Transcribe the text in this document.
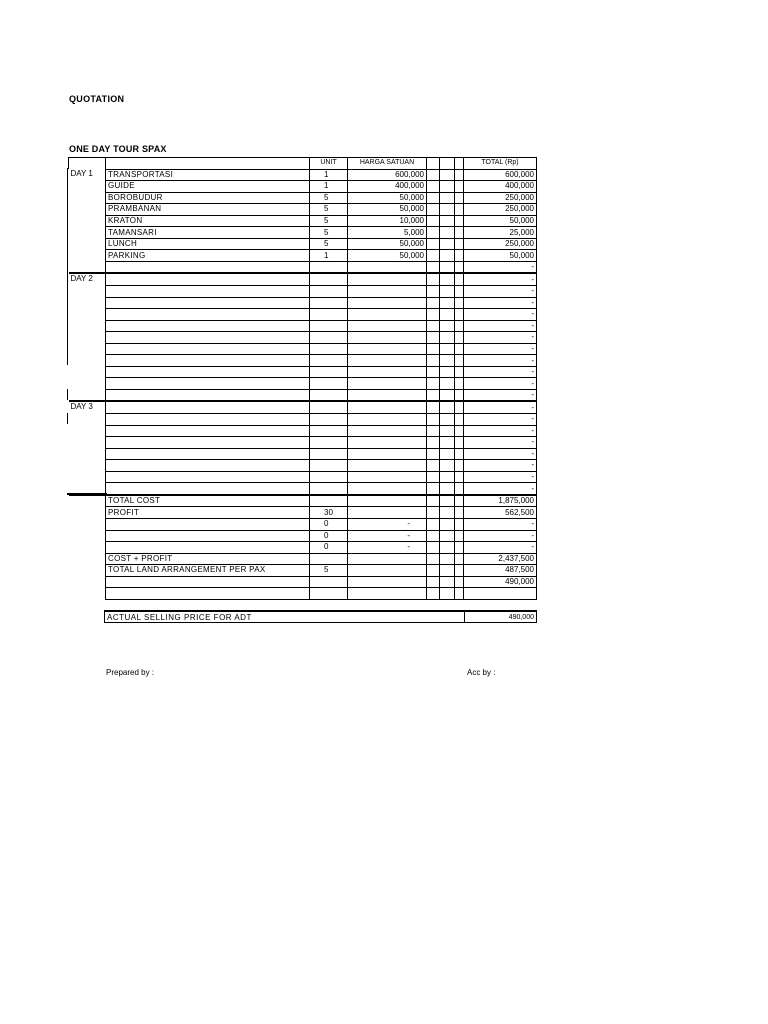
QUOTATION
ONE DAY TOUR SPAX
		UNIT	HARGA SATUAN				TOTAL (Rp)
DAY 1	TRANSPORTASI	1	600,000				600,000
	GUIDE	1	400,000				400,000
	BOROBUDUR	5	50,000				250,000
	PRAMBANAN	5	50,000				250,000
	KRATON	5	10,000				50,000
	TAMANSARI	5	5,000				25,000
	LUNCH	5	50,000				250,000
	PARKING	1	50,000				50,000
							-
DAY 2							-
							-
							-
							-
							-
							-
							-
							-
							-
							-
							-
DAY 3							-
							-
							-
							-
							-
							-
							-
							-
	TOTAL COST						1,875,000
	PROFIT	30					562,500
		0	-				-
		0	-				-
		0	-				-
	COST + PROFIT						2,437,500
	TOTAL LAND ARRANGEMENT PER PAX	5					487,500
							490,000

ACTUAL SELLING PRICE FOR ADT	490,000
Prepared by :	Acc by :
